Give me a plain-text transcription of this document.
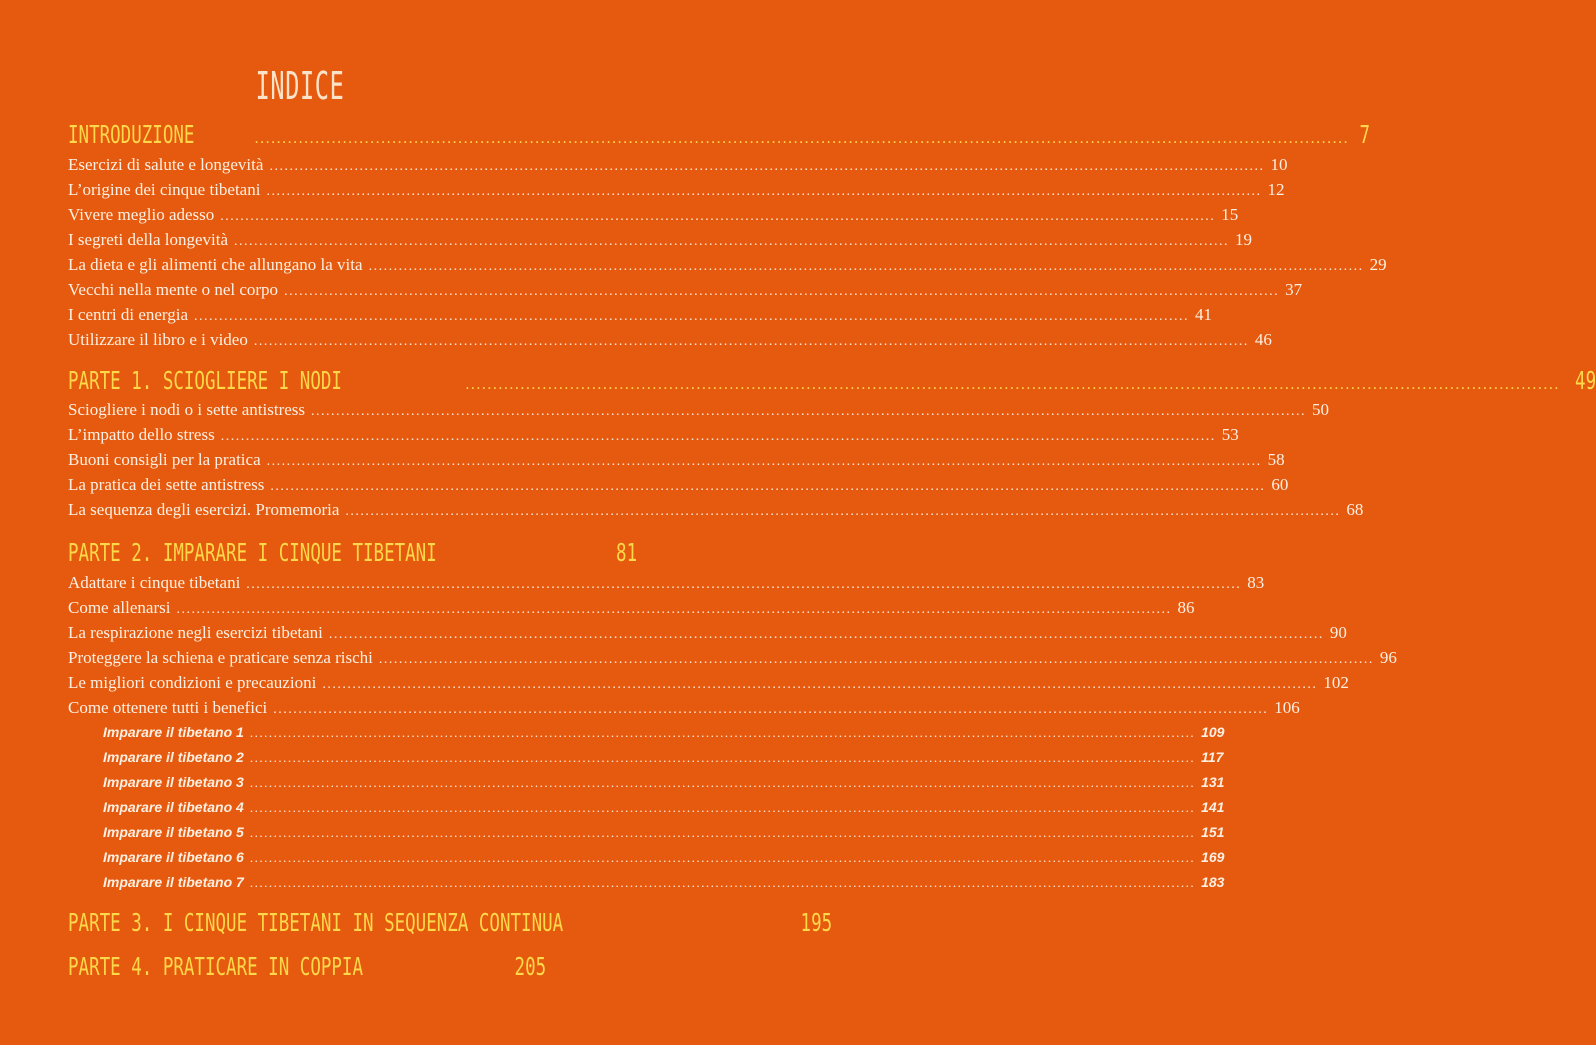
INDICE
INTRODUZIONE .....	7
Esercizi di salute e longevità .....	10
L’origine dei cinque tibetani .....	12
Vivere meglio adesso .....	15
I segreti della longevità .....	19
La dieta e gli alimenti che allungano la vita .....	29
Vecchi nella mente o nel corpo .....	37
I centri di energia .....	41
Utilizzare il libro e i video .....	46
PARTE 1. SCIOGLIERE I NODI .....	49
Sciogliere i nodi o i sette antistress .....	50
L’impatto dello stress .....	53
Buoni consigli per la pratica .....	58
La pratica dei sette antistress .....	60
La sequenza degli esercizi. Promemoria .....	68
PARTE 2. IMPARARE I CINQUE TIBETANI	81
Adattare i cinque tibetani .....	83
Come allenarsi .....	86
La respirazione negli esercizi tibetani .....	90
Proteggere la schiena e praticare senza rischi .....	96
Le migliori condizioni e precauzioni .....	102
Come ottenere tutti i benefici .....	106
Imparare il tibetano 1 .....	109
Imparare il tibetano 2 .....	117
Imparare il tibetano 3 .....	131
Imparare il tibetano 4 .....	141
Imparare il tibetano 5 .....	151
Imparare il tibetano 6 .....	169
Imparare il tibetano 7 .....	183
PARTE 3. I CINQUE TIBETANI IN SEQUENZA CONTINUA	195
PARTE 4. PRATICARE IN COPPIA	205
